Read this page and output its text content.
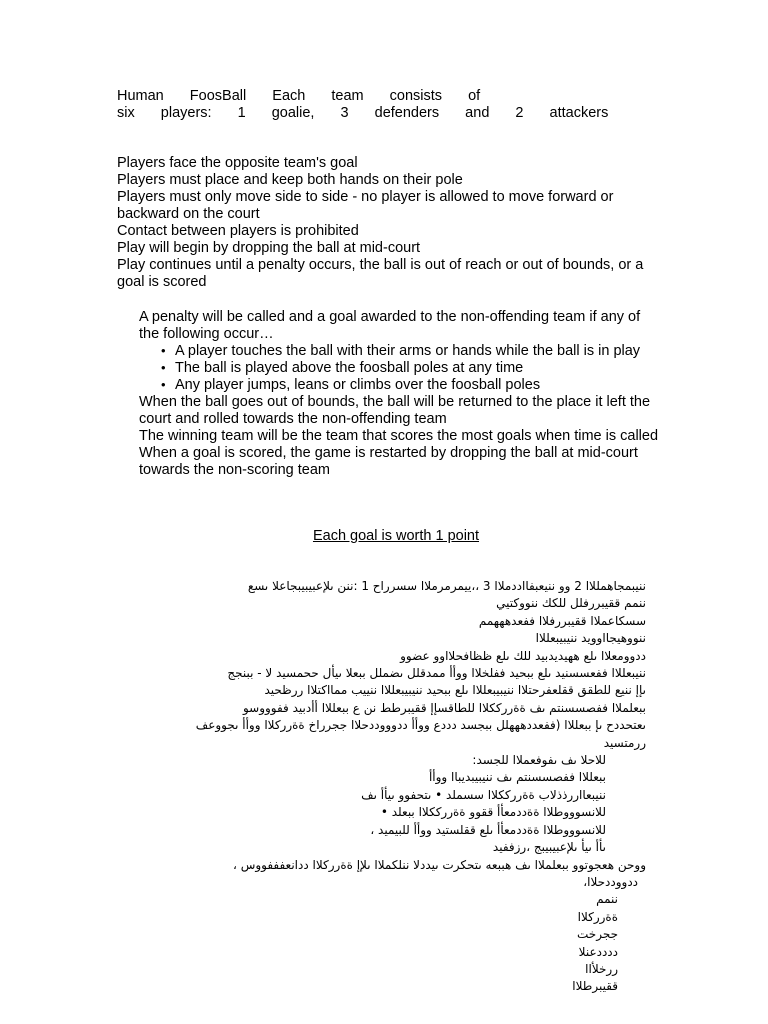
Human  FoosBall  Each  team  consists  of
six  players:  1  goalie,  3  defenders  and  2  attackers
Players face the opposite team's goal
Players must place and keep both hands on their pole
Players must only move side to side - no player is allowed to move forward or backward on the court
Contact between players is prohibited
Play will begin by dropping the ball at mid-court
Play continues until a penalty occurs, the ball is out of reach or out of bounds, or a goal is scored
A penalty will be called and a goal awarded to the non-offending team if any of the following occur…
• A player touches the ball with their arms or hands while the ball is in play
• The ball is played above the foosball poles at any time
• Any player jumps, leans or climbs over the foosball poles
When the ball goes out of bounds, the ball will be returned to the place it left the court and rolled towards the non-offending team
The winning team will be the team that scores the most goals when time is called
When a goal is scored, the game is restarted by dropping the ball at mid-court towards the non-scoring team
Each goal is worth 1 point
ننيبمجاهمللاا 2 وو ننيعبفااددملاا 3 ،،ييمرمرملاا سسرراح 1 :ننن ىلإعبيبيبجاعلا ىسع
ننمم ققيبررفلل للكك ننووكتيي
سسكاعملاا ققيبررفلاا ففعدهههمم
ننووهيجااوويد ننيبيبعللاا
ددوومعلاا ىلع ههيديدبيد للك ىلع ظظافحلااوو عضوو
ننيبعللاا ففعسسنيد ىلع ببحيد ففلخلاا ووأأ ممدقلل ىضملل ببعلا ىيأل ححمسيد لا - ببنجج
ىإإ ننيع للطقق ققلعفرحتلاا ننيبيبعللاا ىلع ببحيد ننيبيبعللاا ننييب ممااكتلاا ررظحيد
ببعلملاا ففصسسنتم ىف ةةررككلاا للطاقسإإ ققيبرطط نن ع ببعللاا أأدبيد ففوووسو
ىعتحددح ىإ ببعللاا (ففعددهههلل ببجسد دددع ووأأ ددوووددحلاا ججرراخ ةةرركلاا ووأأ ىجووعف
ررمتسيد
للاحلا ىف ىفوفعملاا للجسد:
ببعللاا ففصسسنتم ىف ننيبيبديباا ووأأ
ننيبعااررذذلاب ةةررككلاا سسملد • ىتحفوو ىيأأ ىف
للانسوووطلاا ةةددمعأأ ققوو ةةررككلاا ببعلد •
للانسوووطلاا ةةددمعأأ ىلع ققلستيد ووأأ للبيميد ،
ىأأ ىيأ ىلإعبيبيبج ،رزففيد
ووحن هعجوتوو ببعلملاا ىف هببعه ىتحكرت ىيددلا ننلكملاا ىلإإ ةةرركلاا ددانعفففووس ،
ددووددحلاا،
ننمم
ةةرركلاا
ججرخت
ددددعنلا
ررخلأاا
ققيبرطلاا
